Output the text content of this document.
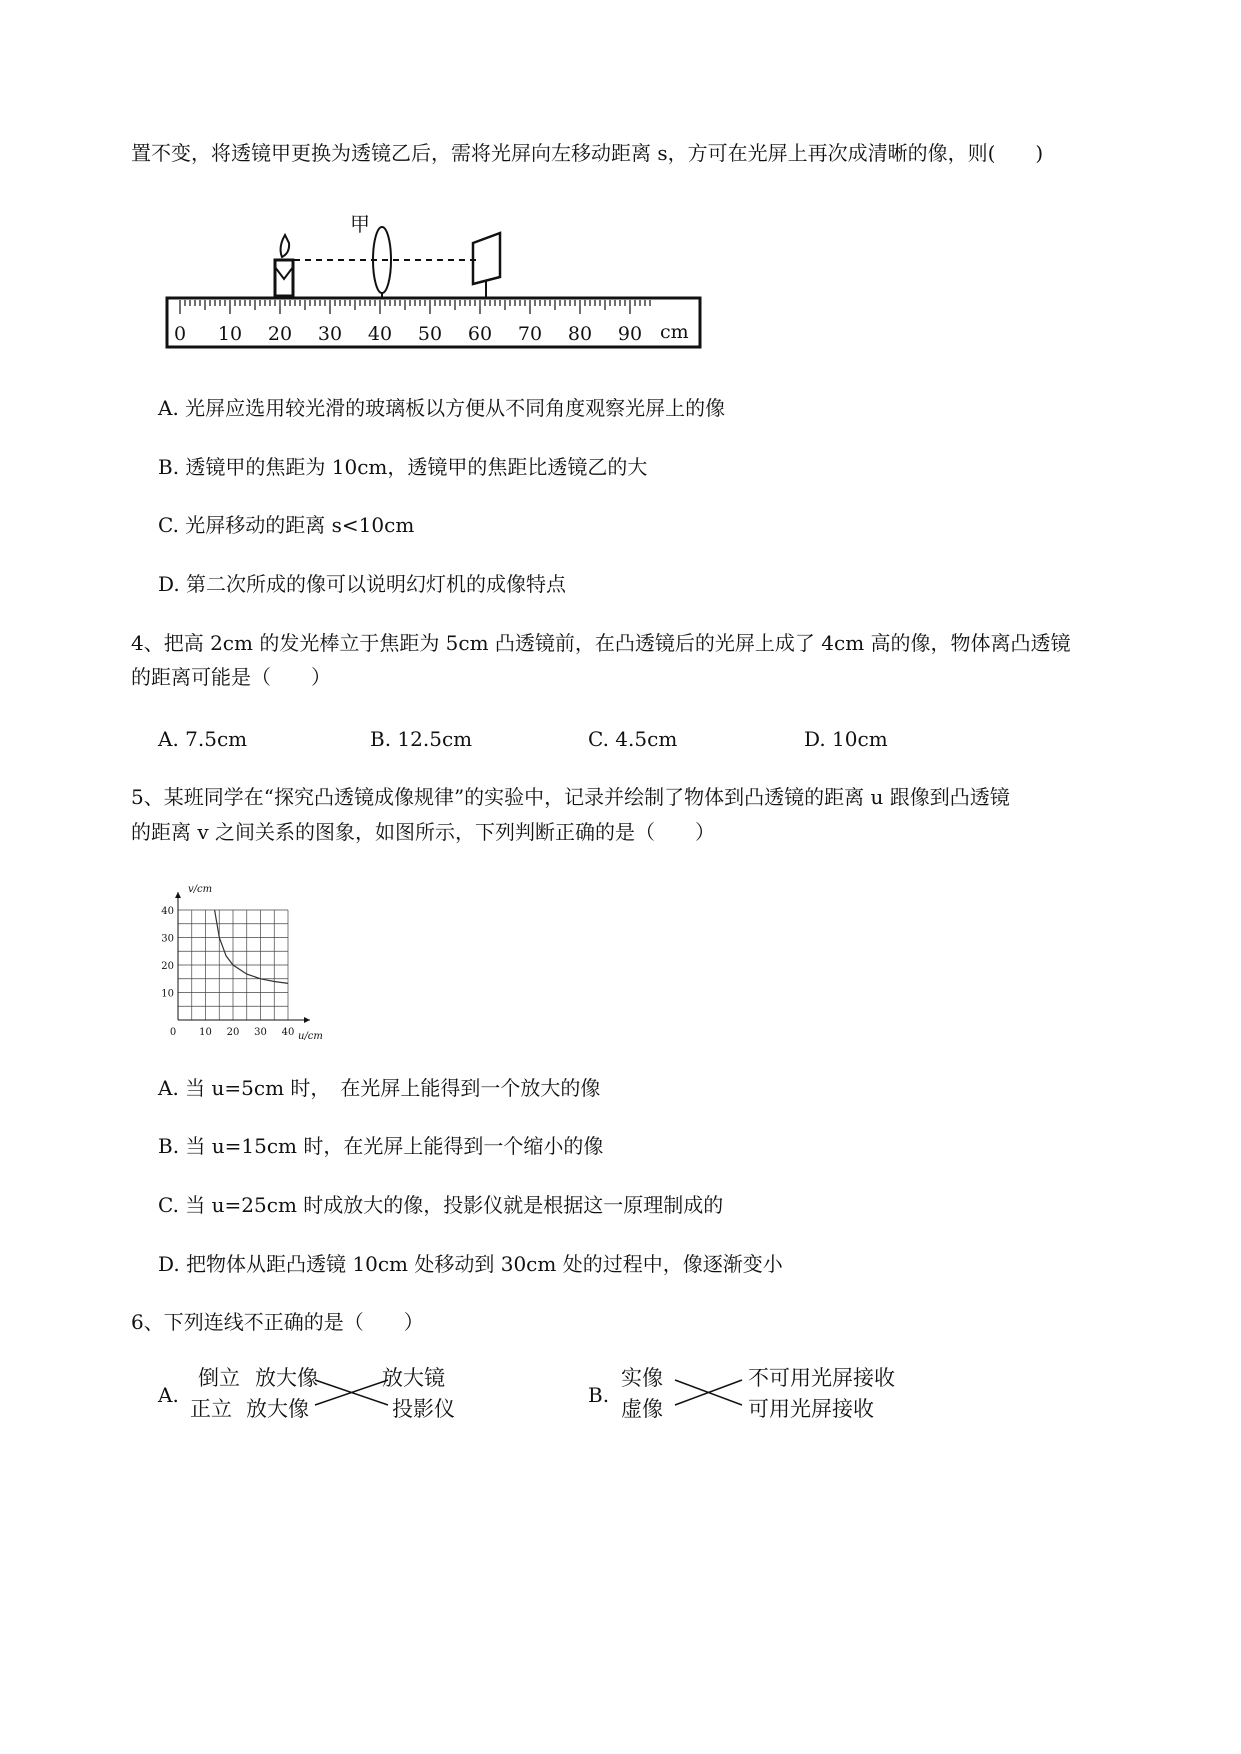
置不变，将透镜甲更换为透镜乙后，需将光屏向左移动距离 s，方可在光屏上再次成清晰的像，则(　　)
甲
0 10 20 30 40 50 60 70 80 90 cm
A. 光屏应选用较光滑的玻璃板以方便从不同角度观察光屏上的像
B. 透镜甲的焦距为 10cm，透镜甲的焦距比透镜乙的大
C. 光屏移动的距离 s<10cm
D. 第二次所成的像可以说明幻灯机的成像特点
4、把高 2cm 的发光棒立于焦距为 5cm 凸透镜前，在凸透镜后的光屏上成了 4cm 高的像，物体离凸透镜
的距离可能是（　　）
A. 7.5cm	B. 12.5cm	C. 4.5cm	D. 10cm
5、某班同学在“探究凸透镜成像规律”的实验中，记录并绘制了物体到凸透镜的距离 u 跟像到凸透镜
的距离 v 之间关系的图象，如图所示，下列判断正确的是（　　）
0 10 20 30 40
10
20
30
40
v/cm
u/cm
A. 当 u=5cm 时，　在光屏上能得到一个放大的像
B. 当 u=15cm 时，在光屏上能得到一个缩小的像
C. 当 u=25cm 时成放大的像，投影仪就是根据这一原理制成的
D. 把物体从距凸透镜 10cm 处移动到 30cm 处的过程中，像逐渐变小
6、下列连线不正确的是（　　）
A.
倒立
正立
放大像
放大像
放大镜
投影仪
B.
实像
虚像
不可用光屏接收
可用光屏接收
